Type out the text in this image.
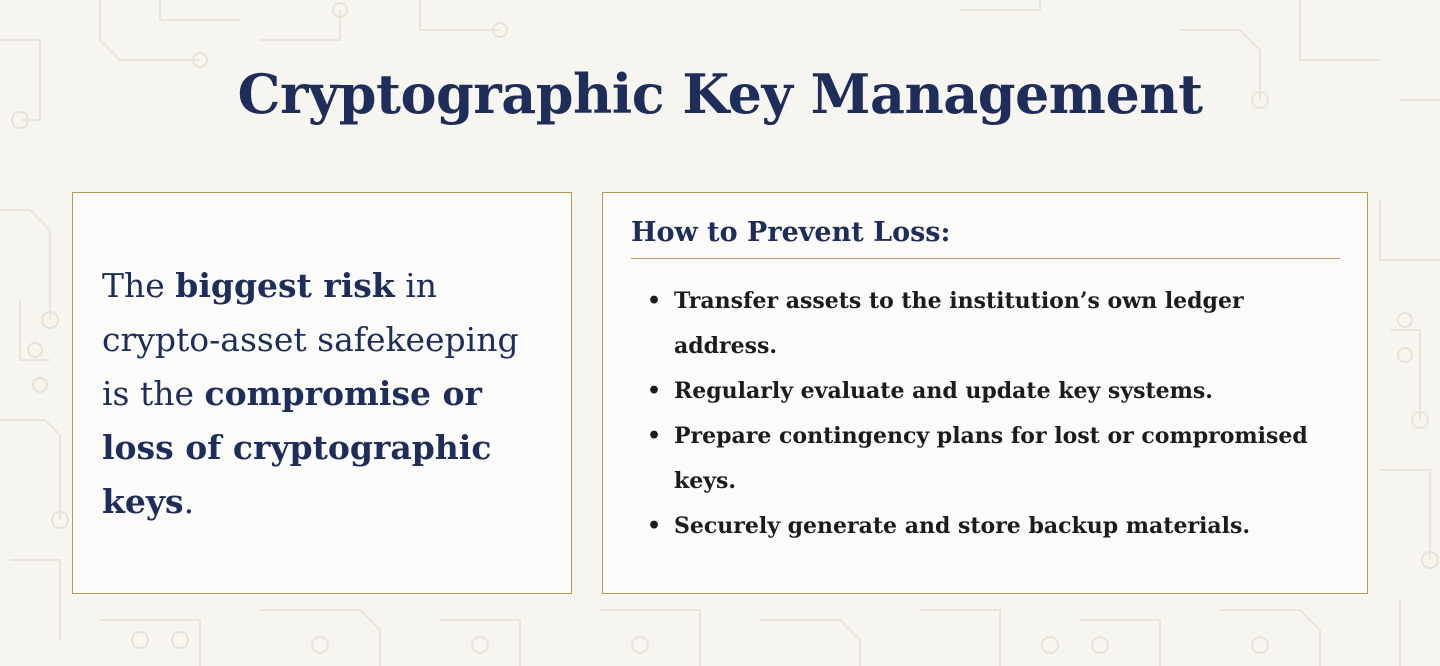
Cryptographic Key Management

The biggest risk in crypto-asset safekeeping is the compromise or loss of cryptographic keys.

How to Prevent Loss:
• Transfer assets to the institution’s own ledger address.
• Regularly evaluate and update key systems.
• Prepare contingency plans for lost or compromised keys.
• Securely generate and store backup materials.
